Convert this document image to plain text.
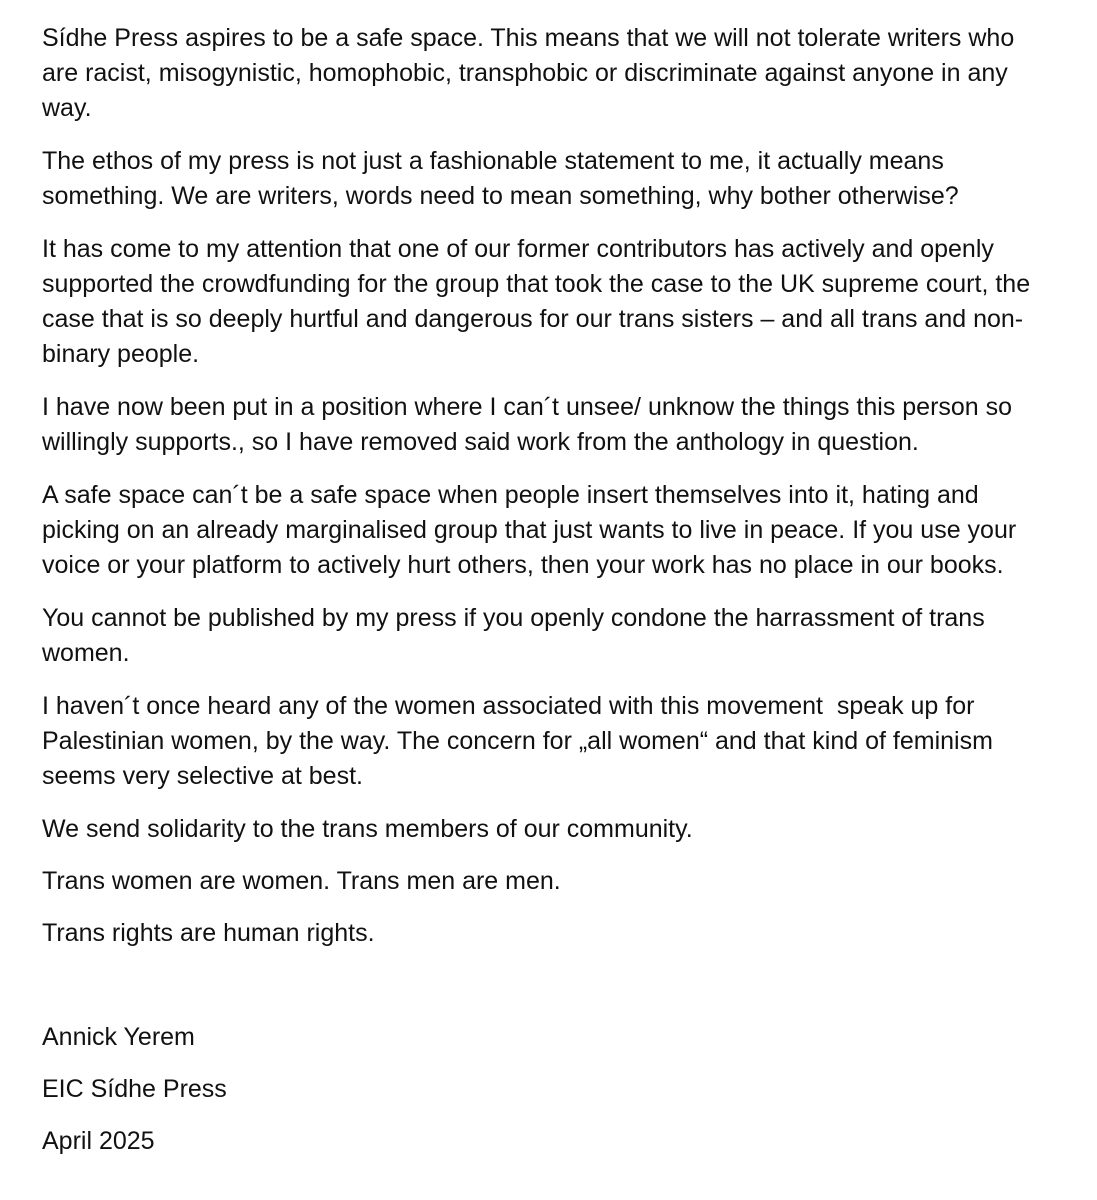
Sídhe Press aspires to be a safe space. This means that we will not tolerate writers who are racist, misogynistic, homophobic, transphobic or discriminate against anyone in any way.

The ethos of my press is not just a fashionable statement to me, it actually means something. We are writers, words need to mean something, why bother otherwise?

It has come to my attention that one of our former contributors has actively and openly supported the crowdfunding for the group that took the case to the UK supreme court, the case that is so deeply hurtful and dangerous for our trans sisters – and all trans and non-binary people.

I have now been put in a position where I can´t unsee/ unknow the things this person so willingly supports., so I have removed said work from the anthology in question.

A safe space can´t be a safe space when people insert themselves into it, hating and picking on an already marginalised group that just wants to live in peace. If you use your voice or your platform to actively hurt others, then your work has no place in our books.

You cannot be published by my press if you openly condone the harrassment of trans women.

I haven´t once heard any of the women associated with this movement  speak up for Palestinian women, by the way. The concern for „all women“ and that kind of feminism seems very selective at best.

We send solidarity to the trans members of our community.

Trans women are women. Trans men are men.

Trans rights are human rights.

Annick Yerem

EIC Sídhe Press

April 2025
